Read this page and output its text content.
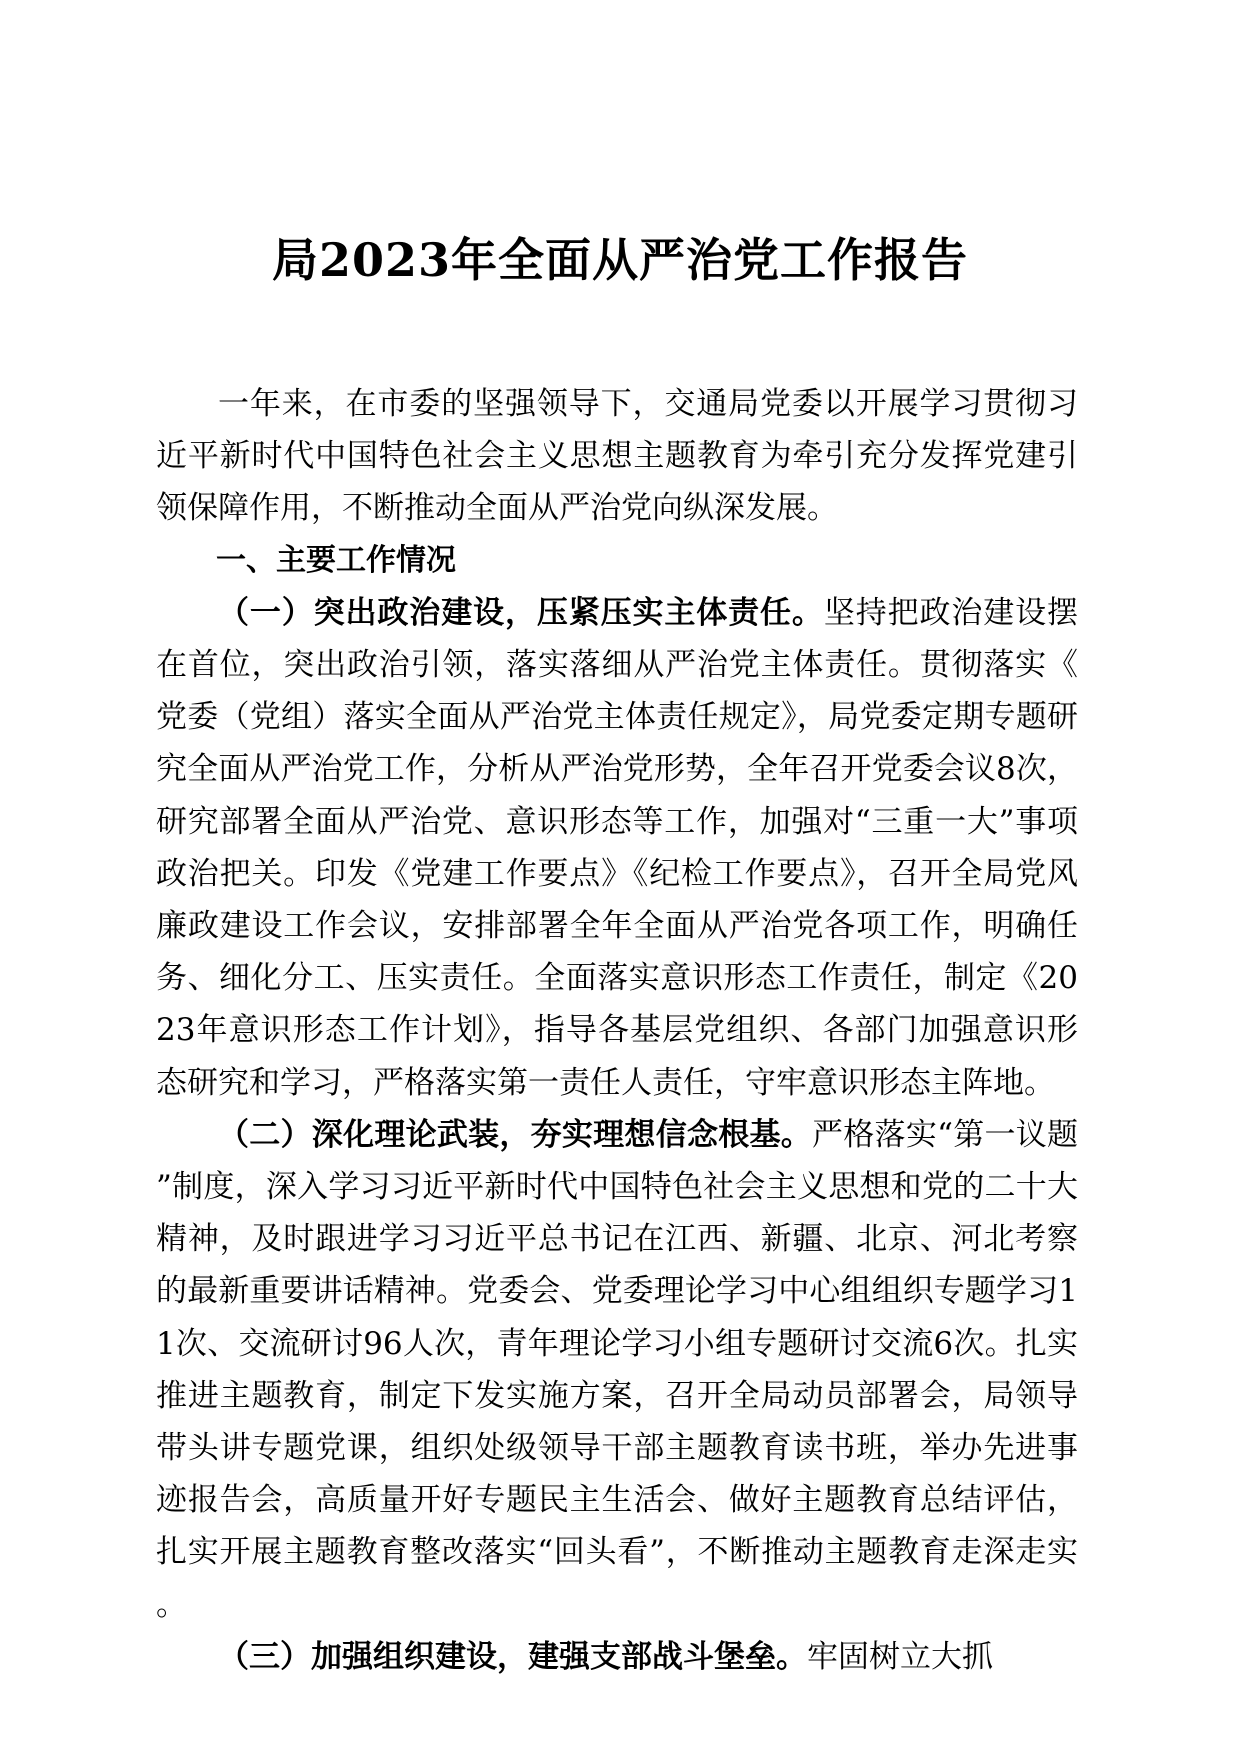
局2023年全面从严治党工作报告

一年来，在市委的坚强领导下，交通局党委以开展学习贯彻习近平新时代中国特色社会主义思想主题教育为牵引充分发挥党建引领保障作用，不断推动全面从严治党向纵深发展。

一、主要工作情况

（一）突出政治建设，压紧压实主体责任。坚持把政治建设摆在首位，突出政治引领，落实落细从严治党主体责任。贯彻落实《党委（党组）落实全面从严治党主体责任规定》，局党委定期专题研究全面从严治党工作，分析从严治党形势，全年召开党委会议8次，研究部署全面从严治党、意识形态等工作，加强对“三重一大”事项政治把关。印发《党建工作要点》《纪检工作要点》，召开全局党风廉政建设工作会议，安排部署全年全面从严治党各项工作，明确任务、细化分工、压实责任。全面落实意识形态工作责任，制定《2023年意识形态工作计划》，指导各基层党组织、各部门加强意识形态研究和学习，严格落实第一责任人责任，守牢意识形态主阵地。

（二）深化理论武装，夯实理想信念根基。严格落实“第一议题”制度，深入学习习近平新时代中国特色社会主义思想和党的二十大精神，及时跟进学习习近平总书记在江西、新疆、北京、河北考察的最新重要讲话精神。党委会、党委理论学习中心组组织专题学习11次、交流研讨96人次，青年理论学习小组专题研讨交流6次。扎实推进主题教育，制定下发实施方案，召开全局动员部署会，局领导带头讲专题党课，组织处级领导干部主题教育读书班，举办先进事迹报告会，高质量开好专题民主生活会、做好主题教育总结评估，扎实开展主题教育整改落实“回头看”，不断推动主题教育走深走实。

（三）加强组织建设，建强支部战斗堡垒。牢固树立大抓
